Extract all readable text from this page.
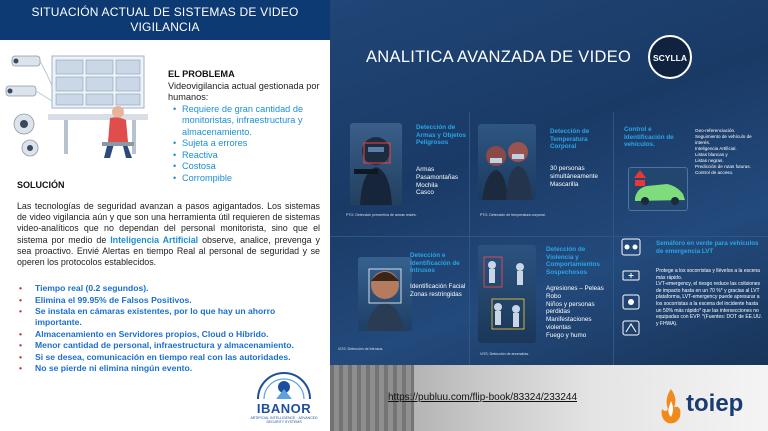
SITUACIÓN ACTUAL DE SISTEMAS DE VIDEO VIGILANCIA
EL PROBLEMA
Videovigilancia actual gestionada por humanos:
• Requiere de gran cantidad de monitoristas, infraestructura y almacenamiento.
• Sujeta a errores
• Reactiva
• Costosa
• Corrompible
SOLUCIÓN
Las tecnologías de seguridad avanzan a pasos agigantados. Los sistemas de video vigilancia aún y que son una herramienta útil requieren de sistemas video-analíticos que no dependan del personal monitorista, sino que el sistema por medio de Inteligencia Artificial observe, analice, prevenga y sea proactivo. Envié Alertas en tiempo Real al personal de seguridad y se operen los protocolos establecidos.
• Tiempo real (0.2 segundos).
• Elimina el 99.95% de Falsos Positivos.
• Se instala en cámaras existentes, por lo que hay un ahorro importante.
• Almacenamiento en Servidores propios, Cloud o Híbrido.
• Menor cantidad de personal, infraestructura y almacenamiento.
• Si se desea, comunicación en tiempo real con las autoridades.
• No se pierde ni elimina ningún evento.
IBANOR
ARTIFICIAL INTELLIGENCE · ADVANCED SECURITY SYSTEMS
ANALITICA AVANZADA DE VIDEO	SCYLLA
Detección de Armas y Objetos Peligrosos
Armas
Pasamontañas
Mochila
Casco
PTO: Detección preventiva de armas reales.
Detección de Temperatura Corporal
30 personas simultáneamente
Mascarilla
PTO: Detección de temperatura corporal.
Control e Identificación de vehículos.
Geo-referenciación.
Seguimiento de vehículo de interés.
Inteligencia Artificial.
Listas blancas y
Listas negras.
Predicción de rutas futuras.
Control de acceso.
Detección e Identificación de Intrusos
Identificación Facial
Zonas restringidas
VOS: Detección de Intrusos.
Detección de Violencia y Comportamientos Sospechosos
Agresiones – Peleas
Robo
Niños y personas perdidas
Manifestaciones violentas
Fuego y humo
VOS: Detección de anomalías.
Semáforo en verde para vehículos de emergencia LVT
Protege a los socorristas y llévelos a la escena más rápido.
LVT-emergency, el riesgo reduce las colisiones de impacto hasta en un 70 %* y gracias al LVT plataforma, LVT-emergency puede apresurar a los socorristas a la escena del incidente hasta un 50% más rápido* que las intersecciones no equipadas con EVP. *(Fuentes: DOT de EE.UU. y FHWA).
https://publuu.com/flip-book/83324/233244	toiep
